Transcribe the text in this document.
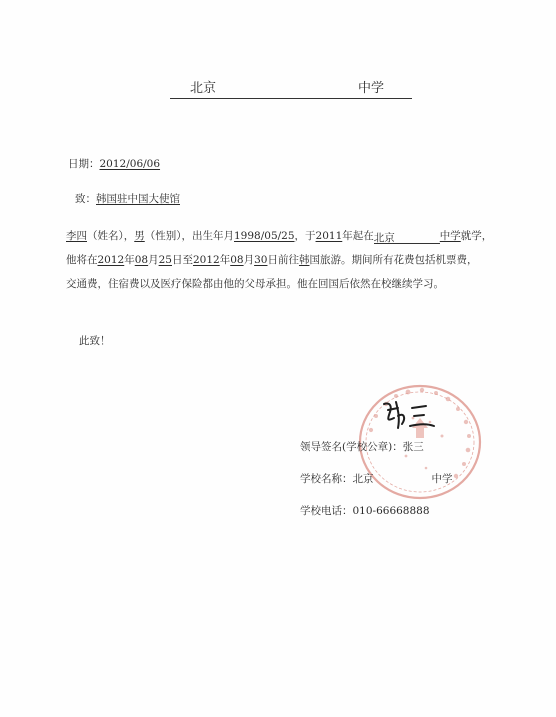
北京	中学
日期：2012/06/06
致：韩国驻中国大使馆
李四（姓名），男（性别），出生年月1998/05/25，于2011年起在北京	中学就学，
他将在2012年08月25日至2012年08月30日前往韩国旅游。期间所有花费包括机票费，
交通费，住宿费以及医疗保险都由他的父母承担。他在回国后依然在校继续学习。
此致！
领导签名(学校公章)：张三
学校名称：北京	中学
学校电话：010-66668888
